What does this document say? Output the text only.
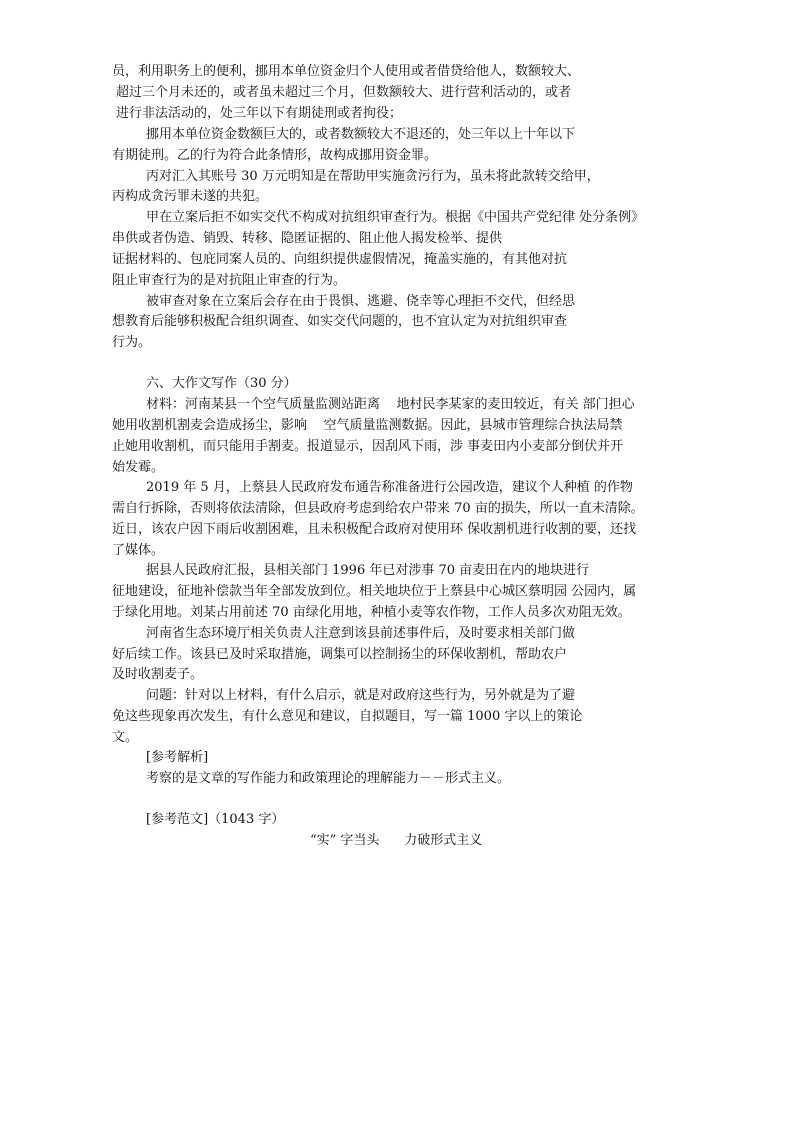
员，利用职务上的便利，挪用本单位资金归个人使用或者借贷给他人，数额较大、
超过三个月未还的，或者虽未超过三个月，但数额较大、进行营利活动的，或者
进行非法活动的，处三年以下有期徒刑或者拘役；
挪用本单位资金数额巨大的，或者数额较大不退还的，处三年以上十年以下
有期徒刑。乙的行为符合此条情形，故构成挪用资金罪。
丙对汇入其账号 30 万元明知是在帮助甲实施贪污行为，虽未将此款转交给甲，
丙构成贪污罪未遂的共犯。
甲在立案后拒不如实交代不构成对抗组织审查行为。根据《中国共产党纪律 处分条例》
串供或者伪造、销毁、转移、隐匿证据的、阻止他人揭发检举、提供
证据材料的、包庇同案人员的、向组织提供虚假情况，掩盖实施的，有其他对抗
阻止审查行为的是对抗阻止审查的行为。
被审查对象在立案后会存在由于畏惧、逃避、侥幸等心理拒不交代，但经思
想教育后能够积极配合组织调查、如实交代问题的，也不宜认定为对抗组织审查
行为。
六、大作文写作（30 分）
材料：河南某县一个空气质量监测站距离    地村民李某家的麦田较近，有关 部门担心
她用收割机割麦会造成扬尘，影响    空气质量监测数据。因此，县城市管理综合执法局禁
止她用收割机，而只能用手割麦。报道显示，因刮风下雨，涉 事麦田内小麦部分倒伏并开
始发霉。
2019 年 5 月，上蔡县人民政府发布通告称准备进行公园改造，建议个人种植 的作物
需自行拆除，否则将依法清除，但县政府考虑到给农户带来 70 亩的损失，所以一直未清除。
近日，该农户因下雨后收割困难，且未积极配合政府对使用环 保收割机进行收割的要，还找
了媒体。
据县人民政府汇报，县相关部门 1996 年已对涉事 70 亩麦田在内的地块进行
征地建设，征地补偿款当年全部发放到位。相关地块位于上蔡县中心城区蔡明园 公园内，属
于绿化用地。刘某占用前述 70 亩绿化用地，种植小麦等农作物，工作人员多次劝阻无效。
河南省生态环境厅相关负责人注意到该县前述事件后，及时要求相关部门做
好后续工作。该县已及时采取措施，调集可以控制扬尘的环保收割机，帮助农户
及时收割麦子。
问题：针对以上材料，有什么启示，就是对政府这些行为，另外就是为了避
免这些现象再次发生，有什么意见和建议，自拟题目，写一篇 1000 字以上的策论
文。
[参考解析]
考察的是文章的写作能力和政策理论的理解能力－－形式主义。
[参考范文]（1043 字）
“实” 字当头      力破形式主义
